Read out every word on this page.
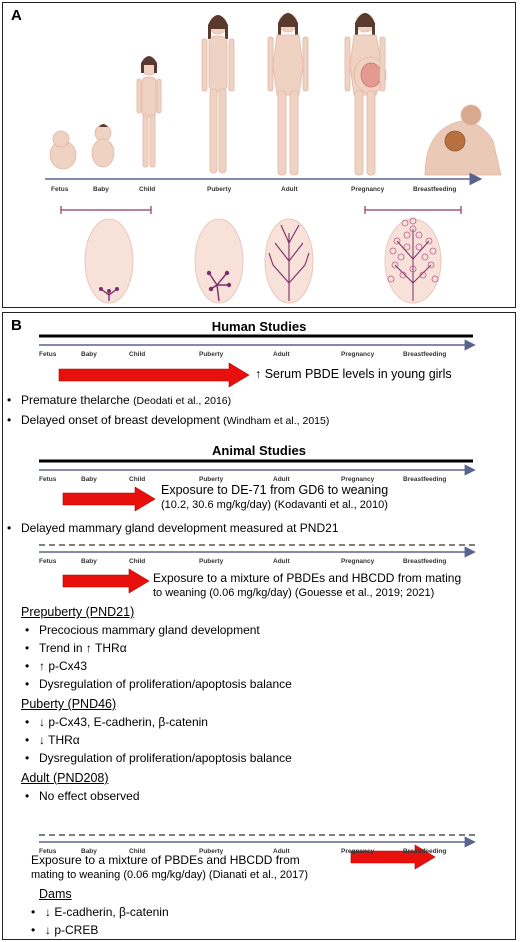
A
Fetus	Baby	Child	Puberty	Adult	Pregnancy	Breastfeeding
B	Human Studies
Fetus	Baby	Child	Puberty	Adult	Pregnancy	Breastfeeding
↑ Serum PBDE levels in young girls
• Premature thelarche (Deodati et al., 2016)
• Delayed onset of breast development (Windham et al., 2015)
Animal Studies
Fetus	Baby	Child	Puberty	Adult	Pregnancy	Breastfeeding
Exposure to DE-71 from GD6 to weaning
(10.2, 30.6 mg/kg/day) (Kodavanti et al., 2010)
• Delayed mammary gland development measured at PND21
Fetus	Baby	Child	Puberty	Adult	Pregnancy	Breastfeeding
Exposure to a mixture of PBDEs and HBCDD from mating
to weaning (0.06 mg/kg/day) (Gouesse et al., 2019; 2021)
Prepuberty (PND21)
• Precocious mammary gland development
• Trend in ↑ THRα
• ↑ p-Cx43
• Dysregulation of proliferation/apoptosis balance
Puberty (PND46)
• ↓ p-Cx43, E-cadherin, β-catenin
• ↓ THRα
• Dysregulation of proliferation/apoptosis balance
Adult (PND208)
• No effect observed
Fetus	Baby	Child	Puberty	Adult	Pregnancy	Breastfeeding
Exposure to a mixture of PBDEs and HBCDD from
mating to weaning (0.06 mg/kg/day) (Dianati et al., 2017)
Dams
• ↓ E-cadherin, β-catenin
• ↓ p-CREB
